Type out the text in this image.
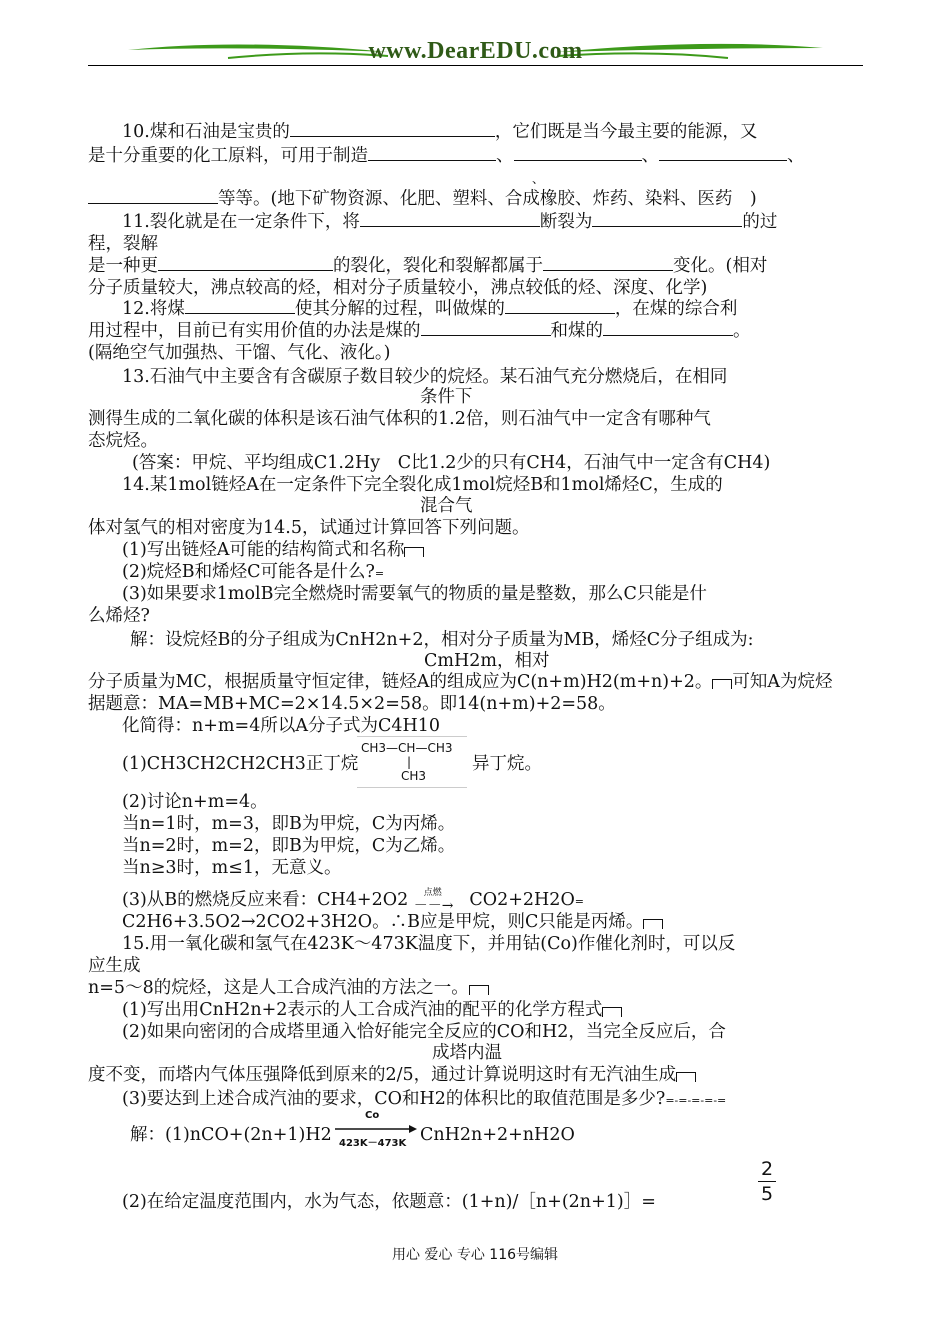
www.DearEDU.com
10.煤和石油是宝贵的	，它们既是当今最主要的能源，又
是十分重要的化工原料，可用于制造	、	、	、
、
等等。(地下矿物资源、化肥、塑料、合成橡胶、炸药、染料、医药　)
11.裂化就是在一定条件下，将	断裂为	的过
程，裂解
是一种更	的裂化，裂化和裂解都属于	变化。(相对
分子质量较大，沸点较高的烃，相对分子质量较小，沸点较低的烃、深度、化学)
12.将煤	使其分解的过程，叫做煤的	，在煤的综合利
用过程中，目前已有实用价值的办法是煤的	和煤的	。
(隔绝空气加强热、干馏、气化、液化。)
13.石油气中主要含有含碳原子数目较少的烷烃。某石油气充分燃烧后，在相同
条件下
测得生成的二氧化碳的体积是该石油气体积的1.2倍，则石油气中一定含有哪种气
态烷烃。
(答案：甲烷、平均组成C1.2Hy　C比1.2少的只有CH4，石油气中一定含有CH4)
14.某1mol链烃A在一定条件下完全裂化成1mol烷烃B和1mol烯烃C，生成的
混合气
体对氢气的相对密度为14.5，试通过计算回答下列问题。
(1)写出链烃A可能的结构简式和名称
(2)烷烃B和烯烃C可能各是什么?=
(3)如果要求1molB完全燃烧时需要氧气的物质的量是整数，那么C只能是什
么烯烃?
解：设烷烃B的分子组成为CnH2n+2，相对分子质量为MB，烯烃C分子组成为:
CmH2m，相对
分子质量为MC，根据质量守恒定律，链烃A的组成应为C(n+m)H2(m+n)+2。 可知A为烷烃
据题意：MA=MB+MC=2×14.5×2=58。即14(n+m)+2=58。
化简得：n+m=4所以A分子式为C4H10
(1)CH3CH2CH2CH3正丁烷
CH3—CH—CH3
|
CH3
异丁烷。
(2)讨论n+m=4。
当n=1时，m=3，即B为甲烷，C为丙烯。
当n=2时，m=2，即B为甲烷，C为乙烯。
当n≥3时，m≤1，无意义。
(3)从B的燃烧反应来看：CH4+2O2 点燃
－－→ CO2+2H2O=
C2H6+3.5O2→2CO2+3H2O。∴B应是甲烷，则C只能是丙烯。
15.用一氧化碳和氢气在423K～473K温度下，并用钴(Co)作催化剂时，可以反
应生成
n=5～8的烷烃，这是人工合成汽油的方法之一。
(1)写出用CnH2n+2表示的人工合成汽油的配平的化学方程式
(2)如果向密闭的合成塔里通入恰好能完全反应的CO和H2，当完全反应后，合
成塔内温
度不变，而塔内气体压强降低到原来的2/5，通过计算说明这时有无汽油生成
(3)要达到上述合成汽油的要求，CO和H2的体积比的取值范围是多少?=-=-=-=-=
解：(1)nCO+(2n+1)H2
Co
423K－473K CnH2n+2+nH2O
2
5
(2)在给定温度范围内，水为气态，依题意：(1+n)/［n+(2n+1)］=
用心 爱心 专心 116号编辑
